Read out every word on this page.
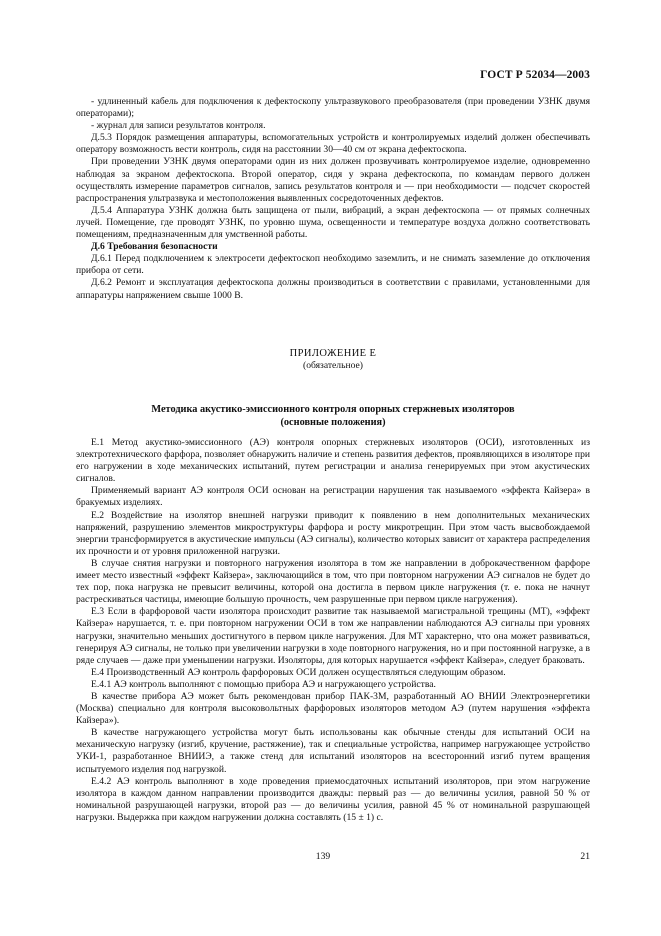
ГОСТ Р 52034—2003

- удлиненный кабель для подключения к дефектоскопу ультразвукового преобразователя (при проведении УЗНК двумя операторами);

- журнал для записи результатов контроля.

Д.5.3 Порядок размещения аппаратуры, вспомогательных устройств и контролируемых изделий должен обеспечивать оператору возможность вести контроль, сидя на расстоянии 30—40 см от экрана дефектоскопа.

При проведении УЗНК двумя операторами один из них должен прозвучивать контролируемое изделие, одновременно наблюдая за экраном дефектоскопа. Второй оператор, сидя у экрана дефектоскопа, по командам первого должен осуществлять измерение параметров сигналов, запись результатов контроля и — при необходимости — подсчет скоростей распространения ультразвука и местоположения выявленных сосредоточенных дефектов.

Д.5.4 Аппаратура УЗНК должна быть защищена от пыли, вибраций, а экран дефектоскопа — от прямых солнечных лучей. Помещение, где проводят УЗНК, по уровню шума, освещенности и температуре воздуха должно соответствовать помещениям, предназначенным для умственной работы.

Д.6 Требования безопасности

Д.6.1 Перед подключением к электросети дефектоскоп необходимо заземлить, и не снимать заземление до отключения прибора от сети.

Д.6.2 Ремонт и эксплуатация дефектоскопа должны производиться в соответствии с правилами, установленными для аппаратуры напряжением свыше 1000 В.

ПРИЛОЖЕНИЕ Е
(обязательное)
Методика акустико-эмиссионного контроля опорных стержневых изоляторов
(основные положения)

Е.1 Метод акустико-эмиссионного (АЭ) контроля опорных стержневых изоляторов (ОСИ), изготовленных из электротехнического фарфора, позволяет обнаружить наличие и степень развития дефектов, проявляющихся в изоляторе при его нагружении в ходе механических испытаний, путем регистрации и анализа генерируемых при этом акустических сигналов.

Применяемый вариант АЭ контроля ОСИ основан на регистрации нарушения так называемого «эффекта Кайзера» в бракуемых изделиях.

Е.2 Воздействие на изолятор внешней нагрузки приводит к появлению в нем дополнительных механических напряжений, разрушению элементов микроструктуры фарфора и росту микротрещин. При этом часть высвобождаемой энергии трансформируется в акустические импульсы (АЭ сигналы), количество которых зависит от характера распределения их прочности и от уровня приложенной нагрузки.

В случае снятия нагрузки и повторного нагружения изолятора в том же направлении в доброкачественном фарфоре имеет место известный «эффект Кайзера», заключающийся в том, что при повторном нагружении АЭ сигналов не будет до тех пор, пока нагрузка не превысит величины, которой она достигла в первом цикле нагружения (т. е. пока не начнут растрескиваться частицы, имеющие большую прочность, чем разрушенные при первом цикле нагружения).

Е.3 Если в фарфоровой части изолятора происходит развитие так называемой магистральной трещины (МТ), «эффект Кайзера» нарушается, т. е. при повторном нагружении ОСИ в том же направлении наблюдаются АЭ сигналы при уровнях нагрузки, значительно меньших достигнутого в первом цикле нагружения. Для МТ характерно, что она может развиваться, генерируя АЭ сигналы, не только при увеличении нагрузки в ходе повторного нагружения, но и при постоянной нагрузке, а в ряде случаев — даже при уменьшении нагрузки. Изоляторы, для которых нарушается «эффект Кайзера», следует браковать.

Е.4 Производственный АЭ контроль фарфоровых ОСИ должен осуществляться следующим образом.

Е.4.1 АЭ контроль выполняют с помощью прибора АЭ и нагружающего устройства.

В качестве прибора АЭ может быть рекомендован прибор ПАК-3М, разработанный АО ВНИИ Электроэнергетики (Москва) специально для контроля высоковольтных фарфоровых изоляторов методом АЭ (путем нарушения «эффекта Кайзера»).

В качестве нагружающего устройства могут быть использованы как обычные стенды для испытаний ОСИ на механическую нагрузку (изгиб, кручение, растяжение), так и специальные устройства, например нагружающее устройство УКИ-1, разработанное ВНИИЭ, а также стенд для испытаний изоляторов на всесторонний изгиб путем вращения испытуемого изделия под нагрузкой.

Е.4.2 АЭ контроль выполняют в ходе проведения приемосдаточных испытаний изоляторов, при этом нагружение изолятора в каждом данном направлении производится дважды: первый раз — до величины усилия, равной 50 % от номинальной разрушающей нагрузки, второй раз — до величины усилия, равной 45 % от номинальной разрушающей нагрузки. Выдержка при каждом нагружении должна составлять (15 ± 1) с.

139	21
